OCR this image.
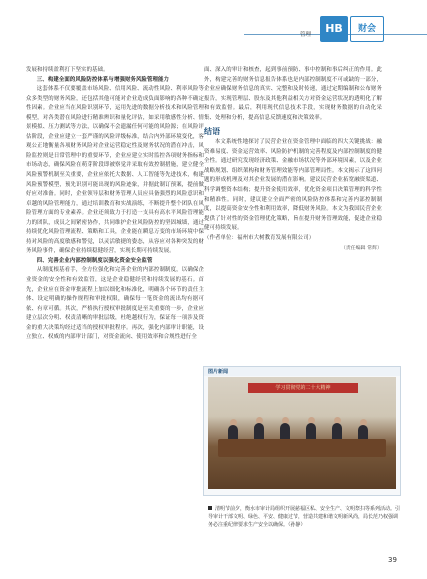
管理	HB	财会

发展和持续盈利打下坚实的基础。

三、构建全面的风险防控体系与增强财务风险管理能力

这套体系不仅要覆盖市场风险、信用风险、流动性风险、利率风险等众多类型的财务风险，还包括其他可能对企业造成负面影响的各种不确定性因素。企业应当在风险识别环节，运用先进的数据分析技术和风险管理模型，对各类潜在风险进行精准辨识和量化评估，如采用敏感性分析、情景模拟、压力测试等方法，以确保不会遗漏任何可能的风险源；在风险评估阶段，企业应建立一套严谨的风险评级标准，结合内外部环境变化，客观公正地衡量各项财务风险对企业运营稳定性及财务状况的潜在冲击，风险监控则是日常管理中的重要环节，企业应建立实时监控各项财务指标和市场动态，确保风险在萌芽阶段即被察觉并采取有效控制措施，建立健全风险预警机制至关重要，企业应依托大数据、人工智能等先进技术，构建风险预警模型，预先识别可能出现的风险迹象，并据此制订预案，提前做好应对准备。同时，企业领导层和财务管理人员应具备强烈的风险意识和卓越的风险管理能力，通过培训教育和实战演练，不断提升整个团队在风险管理方面的专业素养。企业还须致力于打造一支具有高水平风险管理能力的团队，成员之间紧密协作，共同维护企业风险防控的坚固城墙，通过持续优化风险管理流程、策略和工具，企业能在瞬息万变的市场环境中保持对风险的高度敏感和警觉，以灵活敏捷的姿态，从容应对各种突发的财务风险事件，确保企业持续稳健经营，实现长期可持续发展。

四、完善企业内部控制制度以强化资金安全监管

从制度根基看手，全方位强化和完善企业的内部控制制度，以确保企业资金的安全性和有效监管，这是企业稳健经营和持续发展的基石。首先，企业应在资金审批流程上加以细化和标准化，明确各个环节的责任主体、设定明确的操作规程和审批权限，确保每一笔资金的流出均有据可依、有章可循。其次，严格执行授权审批制度是至关重要的一步，企业应建立层次分明、权责清晰的审批层级，杜绝越权行为，保证每一项涉及资金的重大决策均经过适当的授权审批程序。再次，强化内部审计职能，设立独立、权威的内部审计部门，对资金流向、使用效率和合规性进行全

面、深入的审计和核查，起到事前预防、事中控制和事后纠正的作用。此外，构建完善的财务信息报告体系也是内部控制制度不可或缺的一部分，企业应确保财务信息的真实、完整和及时传递，通过定期编制和公布财务报告，实现管理层、股东及其他利益相关方对资金运营状况的透明化了解和有效监督。最后，利用现代信息技术手段，实现财务数据的自动化采集、处理和分析，提高信息反馈速度和决策效率。

结语

本文系统性地探讨了民营企业在资金管理中面临的四大关键挑战：融资难易度、资金运营效率、风险防护机制的完善程度及内部控制制度的健全性。通过研究发现经济政策、金融市场状况等外部环境因素，以及企业战略规划、组织架构和财务管理效能等内部管理局性。本文揭示了这四问题的形成机理及对其企业发展的潜在影响。建议民营企业拓宽融资渠道、科学调整资本结构；提升资金使用效率，优化资金项目决策管理的科学性和精准性。同时，建议建立全面严密的风险防控体系和完善内部控制制度，以提高资金安全性和利用效率，降低财务风险。本文为我国民营企业提供了针对性的资金管理优化策略，旨在提升财务管理效能，促进企业稳健可持续发展。

（作者单位：福州市大树教育发展有限公司）

（责任编辑 常辉）

图片新闻
学习贯彻党的二十大精神
清明节前夕，衡水市审计局组织开展慈福区私、安全生产、文明祭扫等系列活动。引导审计干部文明、绿色、平安、健康过节，营造共建和谐文明新风尚，局长范乃权强调务必注重纪律要求生产安全以确保。（孙静）
39
